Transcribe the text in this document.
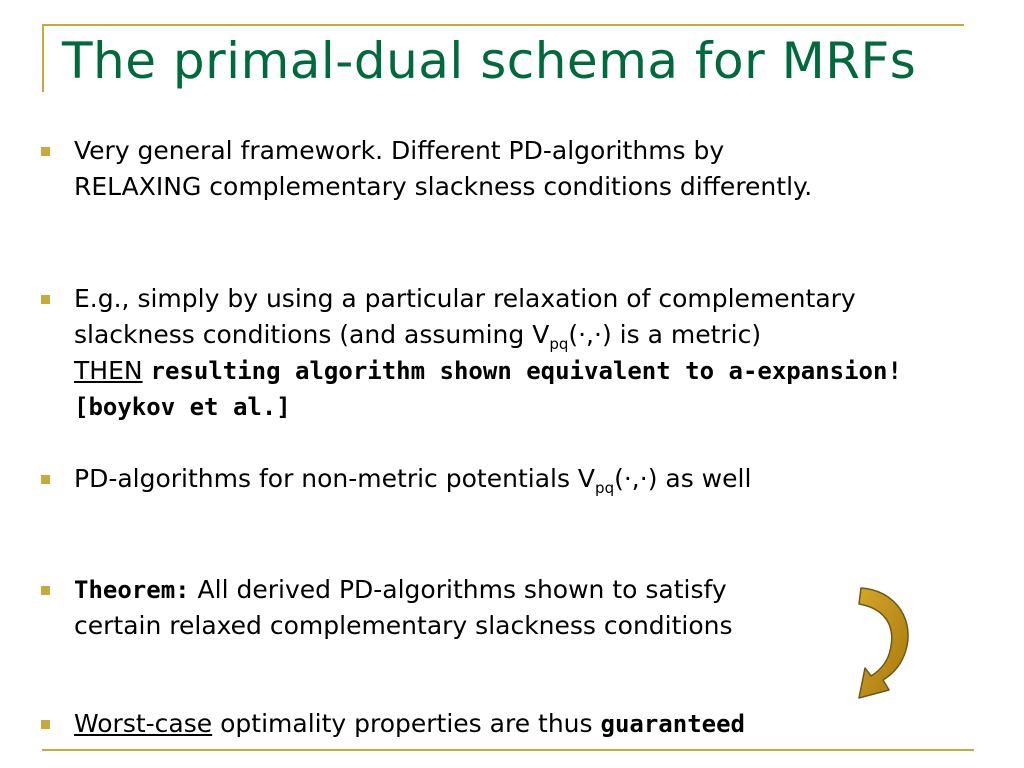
The primal-dual schema for MRFs
Very general framework. Different PD-algorithms by
RELAXING complementary slackness conditions differently.
E.g., simply by using a particular relaxation of complementary
slackness conditions (and assuming $V_{pq}(\cdot,\cdot)$ is a metric)
THEN resulting algorithm shown equivalent to a-expansion!
[boykov et al.]
PD-algorithms for non-metric potentials $V_{pq}(\cdot,\cdot)$ as well
Theorem: All derived PD-algorithms shown to satisfy
certain relaxed complementary slackness conditions
Worst-case optimality properties are thus guaranteed
